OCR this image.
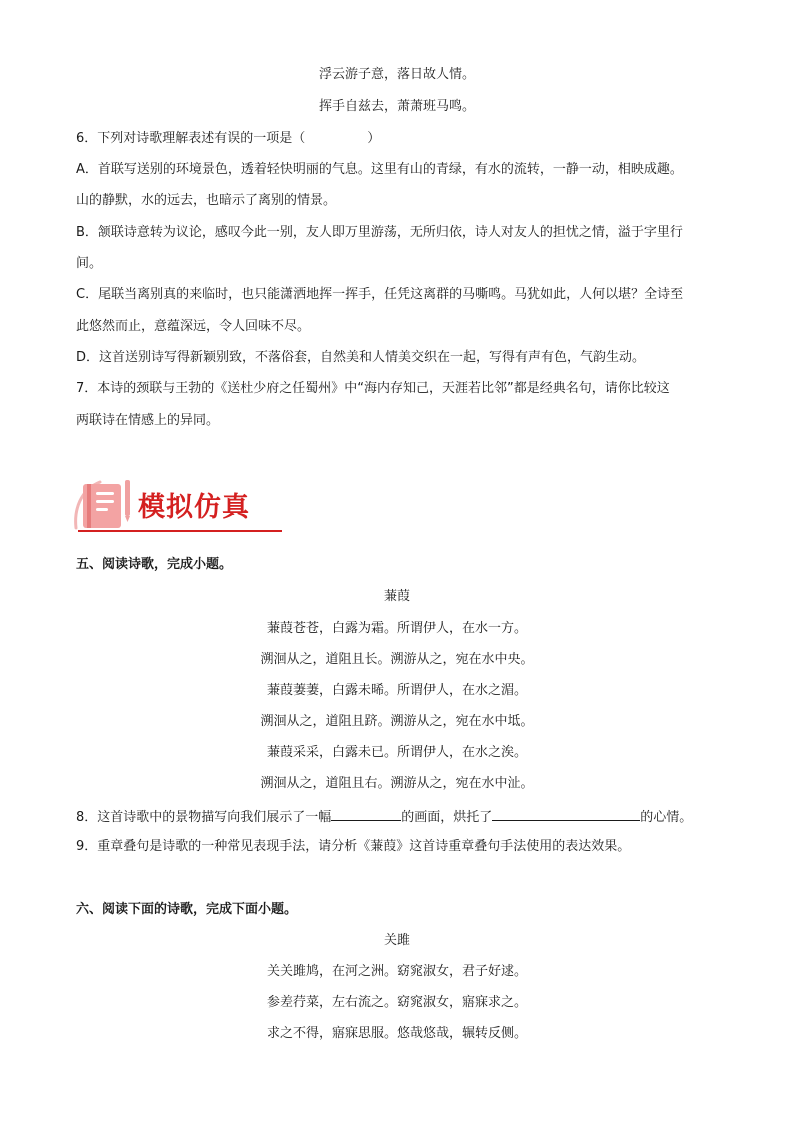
浮云游子意，落日故人情。
挥手自兹去，萧萧班马鸣。
6．下列对诗歌理解表述有误的一项是（	）
A．首联写送别的环境景色，透着轻快明丽的气息。这里有山的青绿，有水的流转，一静一动，相映成趣。
山的静默，水的远去，也暗示了离别的情景。
B．颔联诗意转为议论，感叹今此一别，友人即万里游荡，无所归依，诗人对友人的担忧之情，溢于字里行
间。
C．尾联当离别真的来临时，也只能潇洒地挥一挥手，任凭这离群的马嘶鸣。马犹如此，人何以堪？全诗至
此悠然而止，意蕴深远，令人回味不尽。
D．这首送别诗写得新颖别致，不落俗套，自然美和人情美交织在一起，写得有声有色，气韵生动。
7．本诗的颈联与王勃的《送杜少府之任蜀州》中“海内存知己，天涯若比邻”都是经典名句，请你比较这
两联诗在情感上的异同。
模拟仿真
五、阅读诗歌，完成小题。
蒹葭
蒹葭苍苍，白露为霜。所谓伊人，在水一方。
溯洄从之，道阻且长。溯游从之，宛在水中央。
蒹葭萋萋，白露未晞。所谓伊人，在水之湄。
溯洄从之，道阻且跻。溯游从之，宛在水中坻。
蒹葭采采，白露未已。所谓伊人，在水之涘。
溯洄从之，道阻且右。溯游从之，宛在水中沚。
8．这首诗歌中的景物描写向我们展示了一幅	的画面，烘托了	的心情。
9．重章叠句是诗歌的一种常见表现手法，请分析《蒹葭》这首诗重章叠句手法使用的表达效果。
六、阅读下面的诗歌，完成下面小题。
关雎
关关雎鸠，在河之洲。窈窕淑女，君子好逑。
参差荇菜，左右流之。窈窕淑女，寤寐求之。
求之不得，寤寐思服。悠哉悠哉，辗转反侧。
